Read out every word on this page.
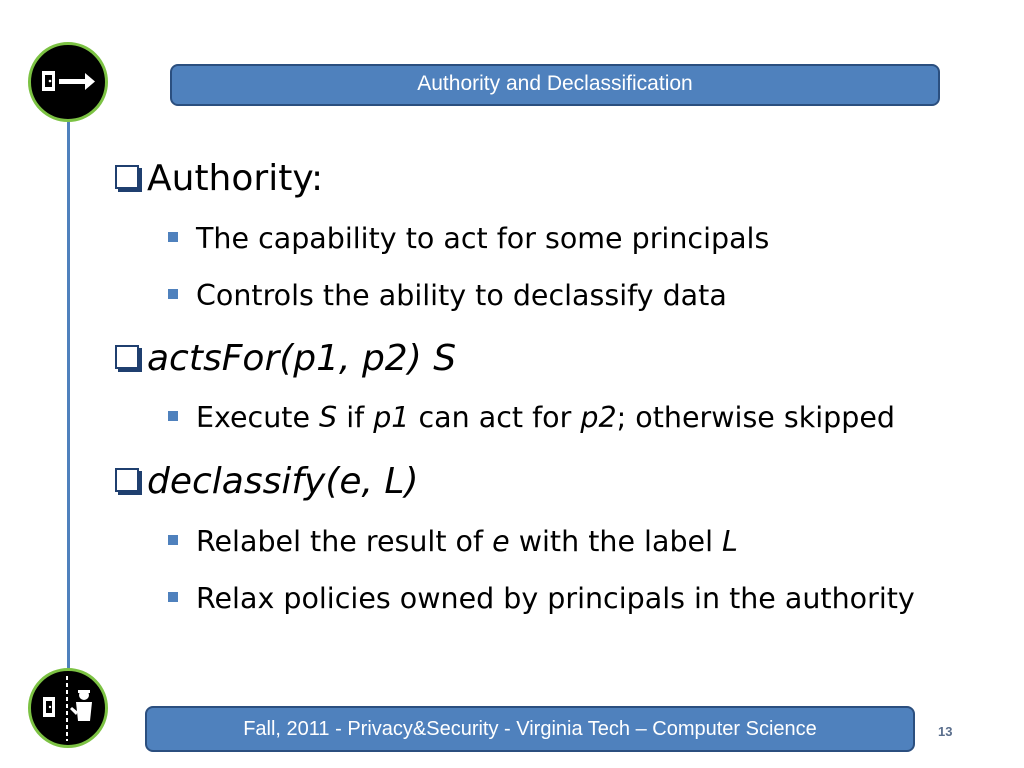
Authority and Declassification
Authority:
The capability to act for some principals
Controls the ability to declassify data
actsFor(p1, p2) S
Execute S if p1 can act for p2; otherwise skipped
declassify(e, L)
Relabel the result of e with the label L
Relax policies owned by principals in the authority
Fall, 2011 - Privacy&Security - Virginia Tech – Computer Science	13
